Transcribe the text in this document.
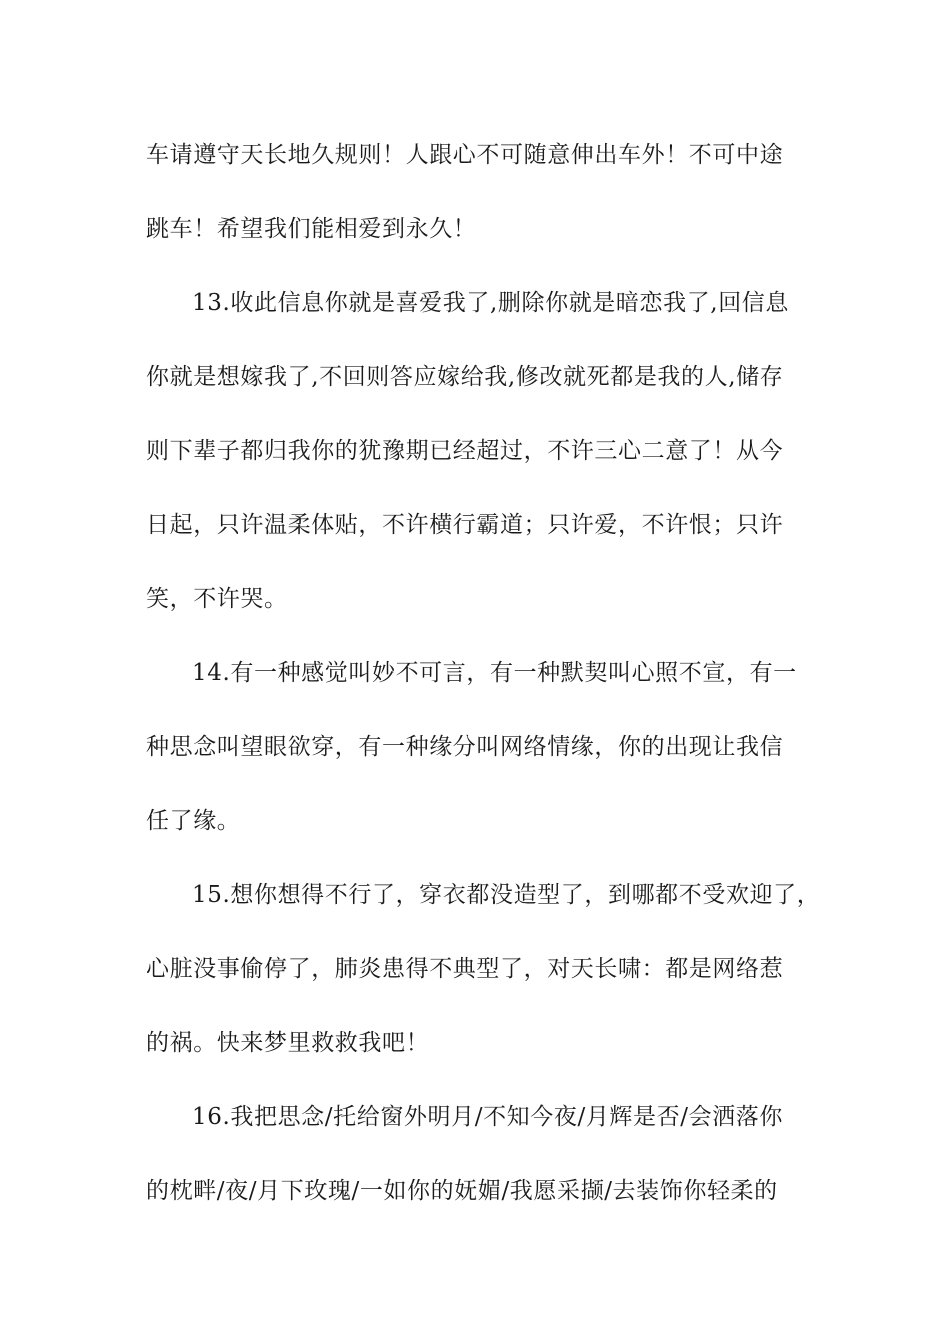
车请遵守天长地久规则！人跟心不可随意伸出车外！不可中途
跳车！希望我们能相爱到永久！
13.收此信息你就是喜爱我了,删除你就是暗恋我了,回信息
你就是想嫁我了,不回则答应嫁给我,修改就死都是我的人,储存
则下辈子都归我你的犹豫期已经超过，不许三心二意了！从今
日起，只许温柔体贴，不许横行霸道；只许爱，不许恨；只许
笑，不许哭。
14.有一种感觉叫妙不可言，有一种默契叫心照不宣，有一
种思念叫望眼欲穿，有一种缘分叫网络情缘，你的出现让我信
任了缘。
15.想你想得不行了，穿衣都没造型了，到哪都不受欢迎了，
心脏没事偷停了，肺炎患得不典型了，对天长啸：都是网络惹
的祸。快来梦里救救我吧！
16.我把思念/托给窗外明月/不知今夜/月辉是否/会洒落你
的枕畔/夜/月下玫瑰/一如你的妩媚/我愿采撷/去装饰你轻柔的
